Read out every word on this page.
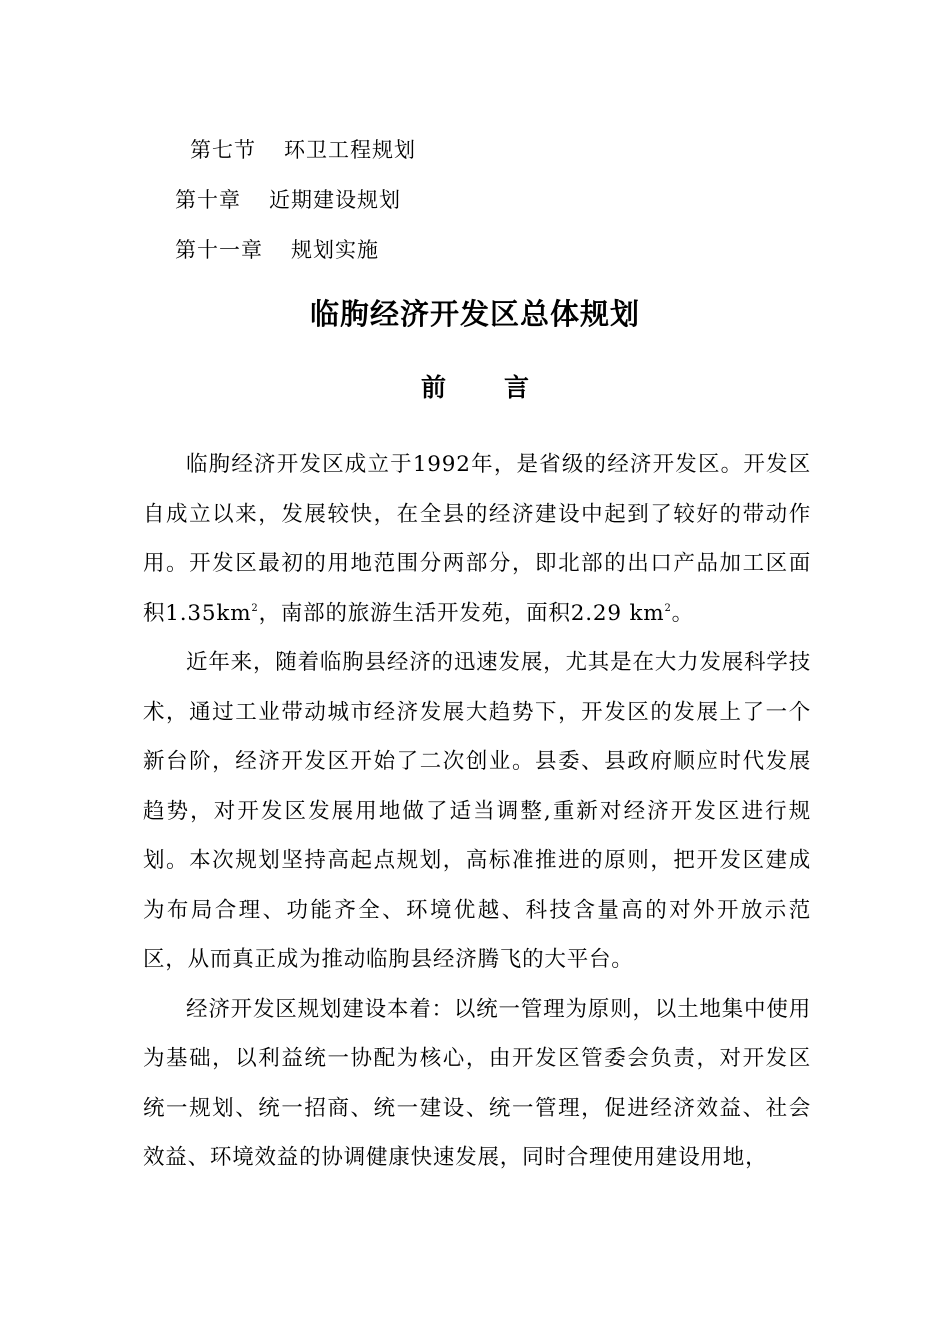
第七节 环卫工程规划
第十章 近期建设规划
第十一章 规划实施
临朐经济开发区总体规划
前 言

临朐经济开发区成立于1992年，是省级的经济开发区。开发区自成立以来，发展较快，在全县的经济建设中起到了较好的带动作用。开发区最初的用地范围分两部分，即北部的出口产品加工区面积$1.35km^2$，南部的旅游生活开发苑，面积2.29 $km^2$。

近年来，随着临朐县经济的迅速发展，尤其是在大力发展科学技术，通过工业带动城市经济发展大趋势下，开发区的发展上了一个新台阶，经济开发区开始了二次创业。县委、县政府顺应时代发展趋势，对开发区发展用地做了适当调整,重新对经济开发区进行规划。本次规划坚持高起点规划，高标准推进的原则，把开发区建成为布局合理、功能齐全、环境优越、科技含量高的对外开放示范区，从而真正成为推动临朐县经济腾飞的大平台。

经济开发区规划建设本着：以统一管理为原则，以土地集中使用为基础，以利益统一协配为核心，由开发区管委会负责，对开发区统一规划、统一招商、统一建设、统一管理，促进经济效益、社会效益、环境效益的协调健康快速发展，同时合理使用建设用地，
